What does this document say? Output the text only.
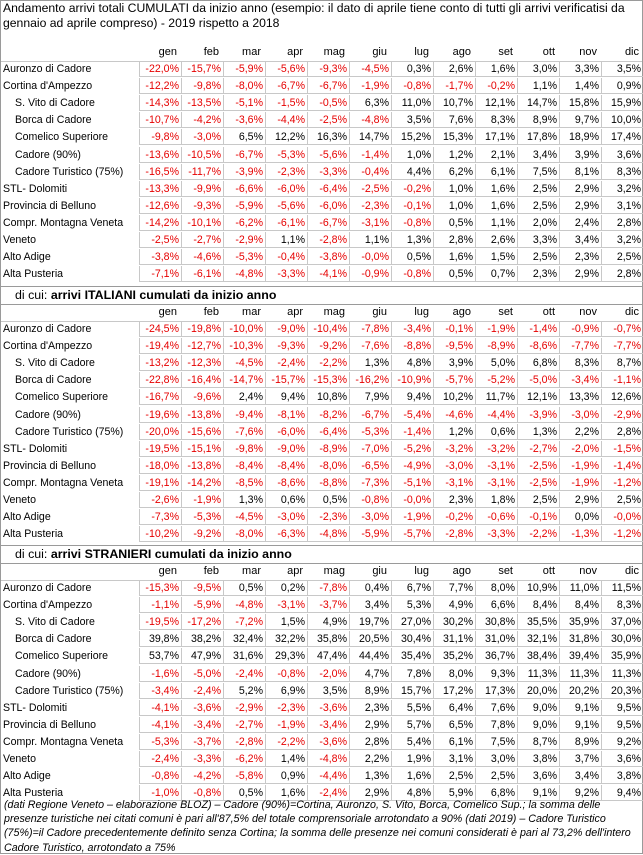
Andamento arrivi totali CUMULATI da inizio anno (esempio: il dato di aprile tiene conto di tutti gli arrivi verificatisi da gennaio ad aprile compreso) - 2019 rispetto a 2018
gen	feb	mar	apr	mag	giu	lug	ago	set	ott	nov	dic
Auronzo di Cadore	-22,0% -15,7%	-5,9%	-5,6%	-9,3%	-4,5%	0,3%	2,6%	1,6%	3,0%	3,3%	3,5%
Cortina d'Ampezzo	-12,2%	-9,8%	-8,0%	-6,7%	-6,7%	-1,9%	-0,8%	-1,7%	-0,2%	1,1%	1,4%	0,9%
S. Vito di Cadore	-14,3% -13,5%	-5,1%	-1,5%	-0,5%	6,3%	11,0%	10,7%	12,1%	14,7%	15,8%	15,9%
Borca di Cadore	-10,7%	-4,2%	-3,6%	-4,4%	-2,5%	-4,8%	3,5%	7,6%	8,3%	8,9%	9,7%	10,0%
Comelico Superiore	-9,8%	-3,0%	6,5%	12,2%	16,3%	14,7%	15,2%	15,3%	17,1%	17,8%	18,9%	17,4%
Cadore (90%)	-13,6% -10,5%	-6,7%	-5,3%	-5,6%	-1,4%	1,0%	1,2%	2,1%	3,4%	3,9%	3,6%
Cadore Turistico (75%)	-16,5% -11,7%	-3,9%	-2,3%	-3,3%	-0,4%	4,4%	6,2%	6,1%	7,5%	8,1%	8,3%
STL- Dolomiti	-13,3%	-9,9%	-6,6%	-6,0%	-6,4%	-2,5%	-0,2%	1,0%	1,6%	2,5%	2,9%	3,2%
Provincia di Belluno	-12,6%	-9,3%	-5,9%	-5,6%	-6,0%	-2,3%	-0,1%	1,0%	1,6%	2,5%	2,9%	3,1%
Compr. Montagna Veneta	-14,2% -10,1%	-6,2%	-6,1%	-6,7%	-3,1%	-0,8%	0,5%	1,1%	2,0%	2,4%	2,8%
Veneto	-2,5%	-2,7%	-2,9%	1,1%	-2,8%	1,1%	1,3%	2,8%	2,6%	3,3%	3,4%	3,2%
Alto Adige	-3,8%	-4,6%	-5,3%	-0,4%	-3,8%	-0,0%	0,5%	1,6%	1,5%	2,5%	2,3%	2,5%
Alta Pusteria	-7,1%	-6,1%	-4,8%	-3,3%	-4,1%	-0,9%	-0,8%	0,5%	0,7%	2,3%	2,9%	2,8%
di cui: arrivi ITALIANI cumulati da inizio anno
gen	feb	mar	apr	mag	giu	lug	ago	set	ott	nov	dic
Auronzo di Cadore	-24,5% -19,8% -10,0%	-9,0% -10,4%	-7,8%	-3,4%	-0,1%	-1,9%	-1,4%	-0,9%	-0,7%
Cortina d'Ampezzo	-19,4% -12,7% -10,3%	-9,3%	-9,2%	-7,6%	-8,8%	-9,5%	-8,9%	-8,6%	-7,7%	-7,7%
S. Vito di Cadore	-13,2% -12,3%	-4,5%	-2,4%	-2,2%	1,3%	4,8%	3,9%	5,0%	6,8%	8,3%	8,7%
Borca di Cadore	-22,8% -16,4% -14,7% -15,7% -15,3% -16,2% -10,9%	-5,7%	-5,2%	-5,0%	-3,4%	-1,1%
Comelico Superiore	-16,7%	-9,6%	2,4%	9,4%	10,8%	7,9%	9,4%	10,2%	11,7%	12,1%	13,3%	12,6%
Cadore (90%)	-19,6% -13,8%	-9,4%	-8,1%	-8,2%	-6,7%	-5,4%	-4,6%	-4,4%	-3,9%	-3,0%	-2,9%
Cadore Turistico (75%)	-20,0% -15,6%	-7,6%	-6,0%	-6,4%	-5,3%	-1,4%	1,2%	0,6%	1,3%	2,2%	2,8%
STL- Dolomiti	-19,5% -15,1%	-9,8%	-9,0%	-8,9%	-7,0%	-5,2%	-3,2%	-3,2%	-2,7%	-2,0%	-1,5%
Provincia di Belluno	-18,0% -13,8%	-8,4%	-8,4%	-8,0%	-6,5%	-4,9%	-3,0%	-3,1%	-2,5%	-1,9%	-1,4%
Compr. Montagna Veneta	-19,1% -14,2%	-8,5%	-8,6%	-8,8%	-7,3%	-5,1%	-3,1%	-3,1%	-2,5%	-1,9%	-1,2%
Veneto	-2,6%	-1,9%	1,3%	0,6%	0,5%	-0,8%	-0,0%	2,3%	1,8%	2,5%	2,9%	2,5%
Alto Adige	-7,3%	-5,3%	-4,5%	-3,0%	-2,3%	-3,0%	-1,9%	-0,2%	-0,6%	-0,1%	0,0%	-0,0%
Alta Pusteria	-10,2%	-9,2%	-8,0%	-6,3%	-4,8%	-5,9%	-5,7%	-2,8%	-3,3%	-2,2%	-1,3%	-1,2%
di cui: arrivi STRANIERI cumulati da inizio anno
gen	feb	mar	apr	mag	giu	lug	ago	set	ott	nov	dic
Auronzo di Cadore	-15,3%	-9,5%	0,5%	0,2%	-7,8%	0,4%	6,7%	7,7%	8,0%	10,9%	11,0%	11,5%
Cortina d'Ampezzo	-1,1%	-5,9%	-4,8%	-3,1%	-3,7%	3,4%	5,3%	4,9%	6,6%	8,4%	8,4%	8,3%
S. Vito di Cadore	-19,5% -17,2%	-7,2%	1,5%	4,9%	19,7%	27,0%	30,2%	30,8%	35,5%	35,9%	37,0%
Borca di Cadore	39,8%	38,2%	32,4%	32,2%	35,8%	20,5%	30,4%	31,1%	31,0%	32,1%	31,8%	30,0%
Comelico Superiore	53,7%	47,9%	31,6%	29,3%	47,4%	44,4%	35,4%	35,2%	36,7%	38,4%	39,4%	35,9%
Cadore (90%)	-1,6%	-5,0%	-2,4%	-0,8%	-2,0%	4,7%	7,8%	8,0%	9,3%	11,3%	11,3%	11,3%
Cadore Turistico (75%)	-3,4%	-2,4%	5,2%	6,9%	3,5%	8,9%	15,7%	17,2%	17,3%	20,0%	20,2%	20,3%
STL- Dolomiti	-4,1%	-3,6%	-2,9%	-2,3%	-3,6%	2,3%	5,5%	6,4%	7,6%	9,0%	9,1%	9,5%
Provincia di Belluno	-4,1%	-3,4%	-2,7%	-1,9%	-3,4%	2,9%	5,7%	6,5%	7,8%	9,0%	9,1%	9,5%
Compr. Montagna Veneta	-5,3%	-3,7%	-2,8%	-2,2%	-3,6%	2,8%	5,4%	6,1%	7,5%	8,7%	8,9%	9,2%
Veneto	-2,4%	-3,3%	-6,2%	1,4%	-4,8%	2,2%	1,9%	3,1%	3,0%	3,8%	3,7%	3,6%
Alto Adige	-0,8%	-4,2%	-5,8%	0,9%	-4,4%	1,3%	1,6%	2,5%	2,5%	3,6%	3,4%	3,8%
Alta Pusteria	-1,0%	-0,8%	0,5%	1,6%	-2,4%	2,9%	4,8%	5,9%	6,8%	9,1%	9,2%	9,4%
(dati Regione Veneto – elaborazione BLOZ) – Cadore (90%)=Cortina, Auronzo, S. Vito, Borca, Comelico Sup.; la somma delle presenze turistiche nei citati comuni è pari all'87,5% del totale comprensoriale arrotondato a 90% (dati 2019) – Cadore Turistico (75%)=il Cadore precedentemente definito senza Cortina; la somma delle presenze nei comuni considerati è pari al 73,2% dell'intero Cadore Turistico, arrotondato a 75%
